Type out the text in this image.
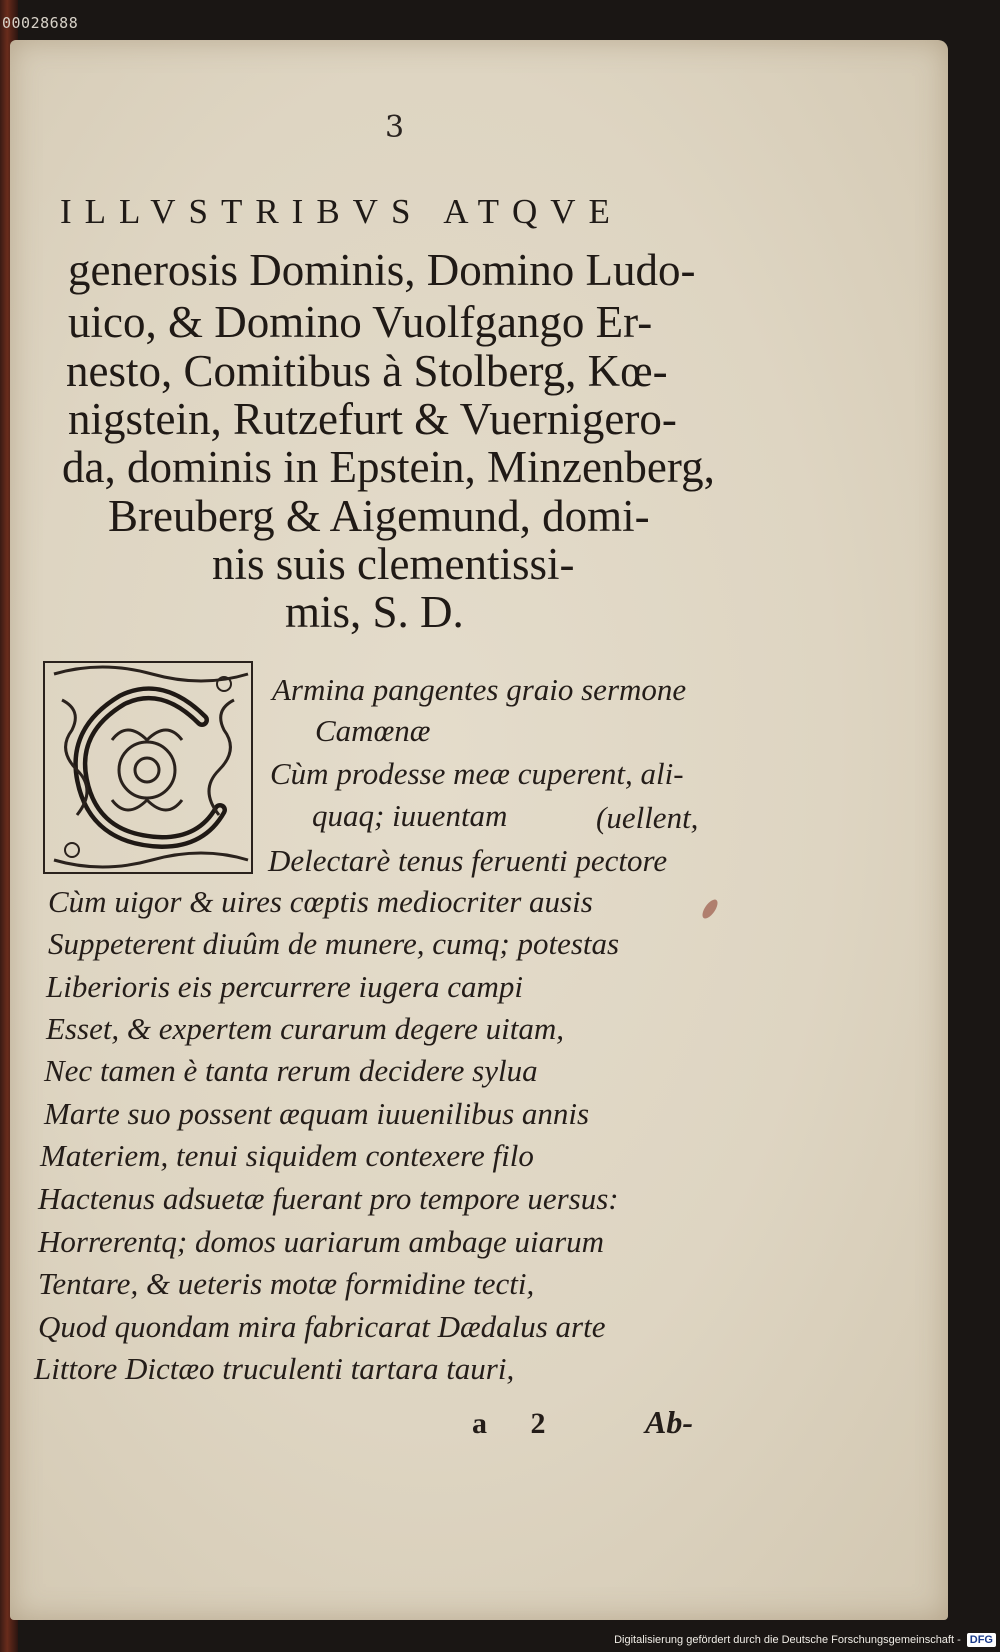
00028688
3
ILLVSTRIBVS ATQVE
generosis Dominis, Domino Ludo-
uico, & Domino Vuolfgango Er-
nesto, Comitibus à Stolberg, Kœ-
nigstein, Rutzefurt & Vuernigero-
da, dominis in Epstein, Minzenberg,
Breuberg & Aigemund, domi-
nis suis clementissi-
mis, S. D.
Armina pangentes graio sermone
Camœnæ
Cùm prodesse meæ cuperent, ali-
quaq; iuuentam	(uellent,
Delectarè tenus feruenti pectore
Cùm uigor & uires cœptis mediocriter ausis
Suppeterent diuûm de munere, cumq; potestas
Liberioris eis percurrere iugera campi
Esset, & expertem curarum degere uitam,
Nec tamen è tanta rerum decidere sylua
Marte suo possent æquam iuuenilibus annis
Materiem, tenui siquidem contexere filo
Hactenus adsuetæ fuerant pro tempore uersus:
Horrerentq; domos uariarum ambage uiarum
Tentare, & ueteris motæ formidine tecti,
Quod quondam mira fabricarat Dædalus arte
Littore Dictæo truculenti tartara tauri,
a 2	Ab-
Digitalisierung gefördert durch die Deutsche Forschungsgemeinschaft - DFG
